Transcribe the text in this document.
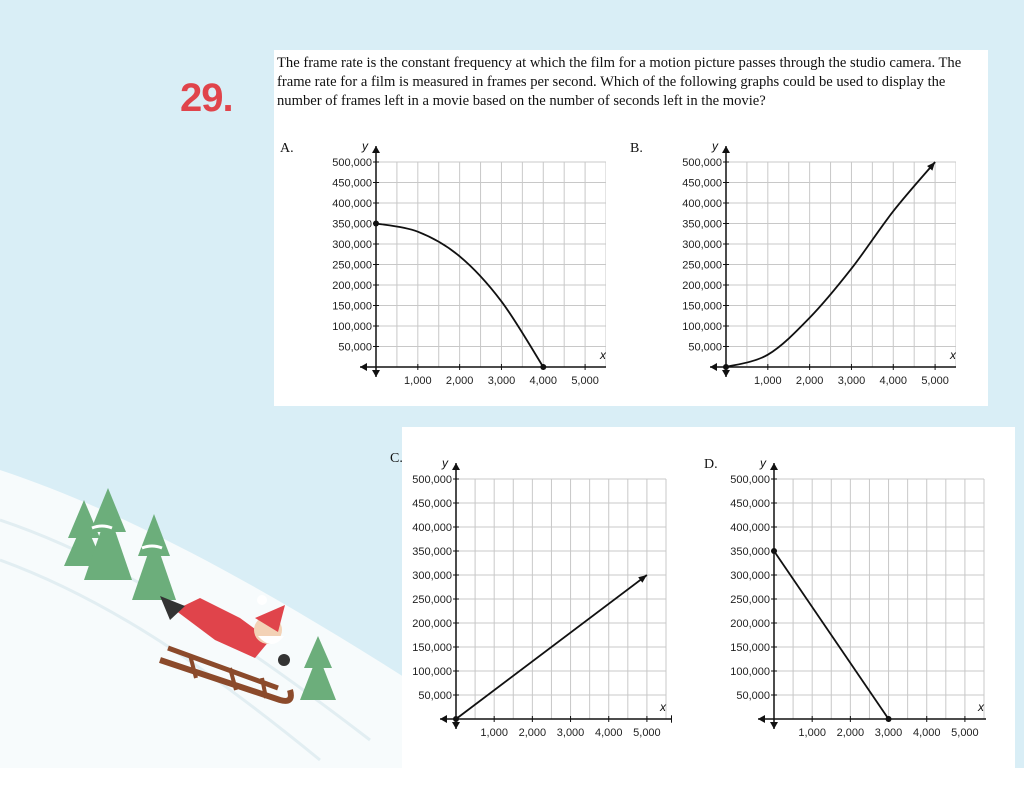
29.
The frame rate is the constant frequency at which the film for a motion picture passes through the studio camera. The frame rate for a film is measured in frames per second. Which of the following graphs could be used to display the number of frames left in a movie based on the number of seconds left in the movie?
A.
x
y
50,000
100,000
150,000
200,000
250,000
300,000
350,000
400,000
450,000
500,000
1,000 2,000 3,000 4,000 5,000
B.
x
y
50,000
100,000
150,000
200,000
250,000
300,000
350,000
400,000
450,000
500,000
1,000 2,000 3,000 4,000 5,000
C.
x
y
50,000
100,000
150,000
200,000
250,000
300,000
350,000
400,000
450,000
500,000
1,000 2,000 3,000 4,000 5,000
D.
x
y
50,000
100,000
150,000
200,000
250,000
300,000
350,000
400,000
450,000
500,000
1,000 2,000 3,000 4,000 5,000
